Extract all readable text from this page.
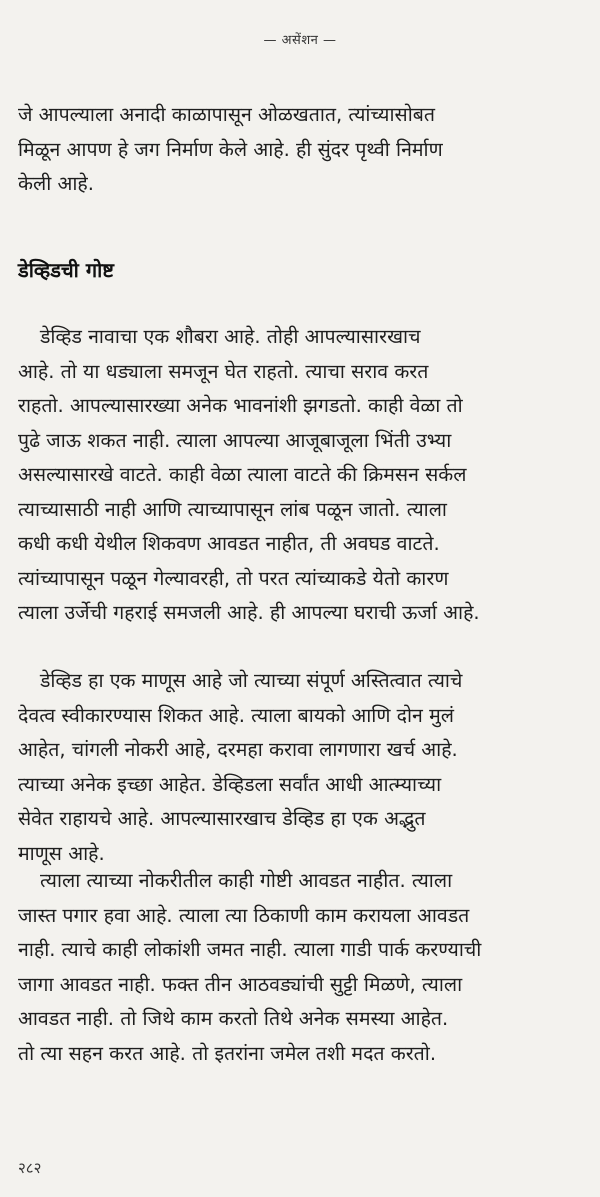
— असेंशन —
जे आपल्याला अनादी काळापासून ओळखतात, त्यांच्यासोबत
मिळून आपण हे जग निर्माण केले आहे. ही सुंदर पृथ्वी निर्माण
केली आहे.
डेव्हिडची गोष्ट
डेव्हिड नावाचा एक शौबरा आहे. तोही आपल्यासारखाच
आहे. तो या धड्याला समजून घेत राहतो. त्याचा सराव करत
राहतो. आपल्यासारख्या अनेक भावनांशी झगडतो. काही वेळा तो
पुढे जाऊ शकत नाही. त्याला आपल्या आजूबाजूला भिंती उभ्या
असल्यासारखे वाटते. काही वेळा त्याला वाटते की क्रिमसन सर्कल
त्याच्यासाठी नाही आणि त्याच्यापासून लांब पळून जातो. त्याला
कधी कधी येथील शिकवण आवडत नाहीत, ती अवघड वाटते.
त्यांच्यापासून पळून गेल्यावरही, तो परत त्यांच्याकडे येतो कारण
त्याला उर्जेची गहराई समजली आहे. ही आपल्या घराची ऊर्जा आहे.
डेव्हिड हा एक माणूस आहे जो त्याच्या संपूर्ण अस्तित्वात त्याचे
देवत्व स्वीकारण्यास शिकत आहे. त्याला बायको आणि दोन मुलं
आहेत, चांगली नोकरी आहे, दरमहा करावा लागणारा खर्च आहे.
त्याच्या अनेक इच्छा आहेत. डेव्हिडला सर्वांत आधी आत्म्याच्या
सेवेत राहायचे आहे. आपल्यासारखाच डेव्हिड हा एक अद्भुत
माणूस आहे.
त्याला त्याच्या नोकरीतील काही गोष्टी आवडत नाहीत. त्याला
जास्त पगार हवा आहे. त्याला त्या ठिकाणी काम करायला आवडत
नाही. त्याचे काही लोकांशी जमत नाही. त्याला गाडी पार्क करण्याची
जागा आवडत नाही. फक्त तीन आठवड्यांची सुट्टी मिळणे, त्याला
आवडत नाही. तो जिथे काम करतो तिथे अनेक समस्या आहेत.
तो त्या सहन करत आहे. तो इतरांना जमेल तशी मदत करतो.
२८२
